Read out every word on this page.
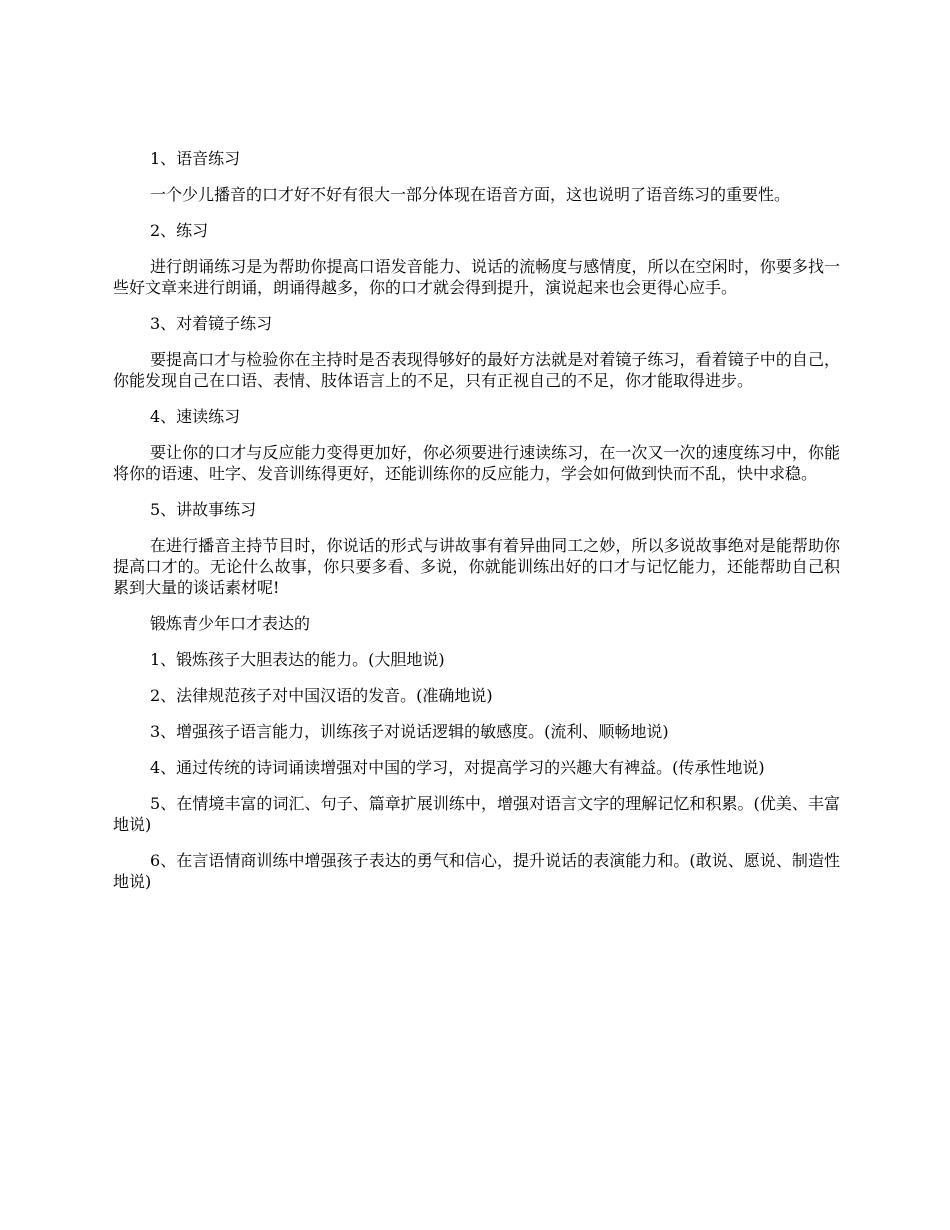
1、语音练习

一个少儿播音的口才好不好有很大一部分体现在语音方面，这也说明了语音练习的重要性。

2、练习

进行朗诵练习是为帮助你提高口语发音能力、说话的流畅度与感情度，所以在空闲时，你要多找一些好文章来进行朗诵，朗诵得越多，你的口才就会得到提升，演说起来也会更得心应手。

3、对着镜子练习

要提高口才与检验你在主持时是否表现得够好的最好方法就是对着镜子练习，看着镜子中的自己，你能发现自己在口语、表情、肢体语言上的不足，只有正视自己的不足，你才能取得进步。

4、速读练习

要让你的口才与反应能力变得更加好，你必须要进行速读练习，在一次又一次的速度练习中，你能将你的语速、吐字、发音训练得更好，还能训练你的反应能力，学会如何做到快而不乱，快中求稳。

5、讲故事练习

在进行播音主持节目时，你说话的形式与讲故事有着异曲同工之妙，所以多说故事绝对是能帮助你提高口才的。无论什么故事，你只要多看、多说，你就能训练出好的口才与记忆能力，还能帮助自己积累到大量的谈话素材呢!

锻炼青少年口才表达的

1、锻炼孩子大胆表达的能力。(大胆地说)

2、法律规范孩子对中国汉语的发音。(准确地说)

3、增强孩子语言能力，训练孩子对说话逻辑的敏感度。(流利、顺畅地说)

4、通过传统的诗词诵读增强对中国的学习，对提高学习的兴趣大有裨益。(传承性地说)

5、在情境丰富的词汇、句子、篇章扩展训练中，增强对语言文字的理解记忆和积累。(优美、丰富地说)

6、在言语情商训练中增强孩子表达的勇气和信心，提升说话的表演能力和。(敢说、愿说、制造性地说)
